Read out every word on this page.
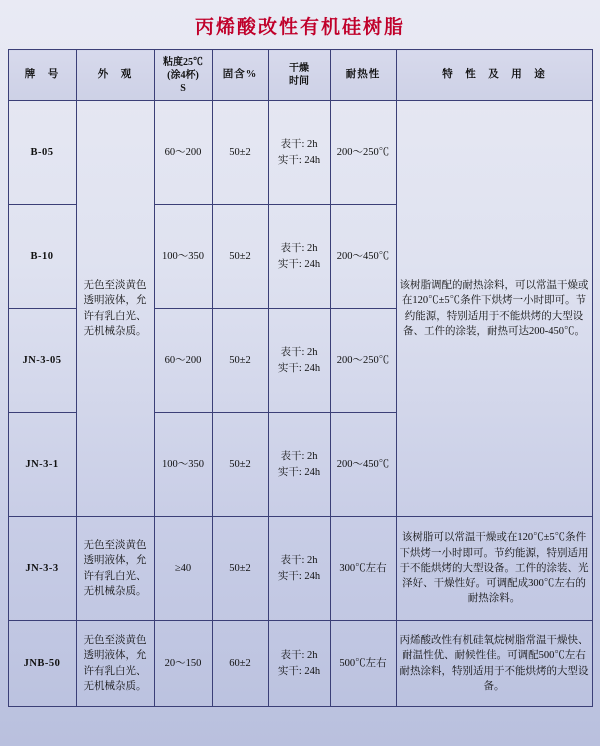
丙烯酸改性有机硅树脂
牌　号	外　观	粘度25℃
(涂4杯)
S	固含%	干燥
时间	耐热性	特　性　及　用　途
B-05	无色至淡黄色透明液体，允许有乳白光、无机械杂质。	60～200	50±2	表干: 2h
实干: 24h	200～250℃	该树脂调配的耐热涂料，可以常温干燥或在120℃±5℃条件下烘烤一小时即可。节约能源，特别适用于不能烘烤的大型设备、工件的涂装，耐热可达200-450℃。
B-10		100～350	50±2	表干: 2h
实干: 24h	200～450℃	
JN-3-05		60～200	50±2	表干: 2h
实干: 24h	200～250℃	
JN-3-1		100～350	50±2	表干: 2h
实干: 24h	200～450℃	
JN-3-3	无色至淡黄色透明液体，允许有乳白光、无机械杂质。	≥40	50±2	表干: 2h
实干: 24h	300℃左右	该树脂可以常温干燥或在120℃±5℃条件下烘烤一小时即可。节约能源，特别适用于不能烘烤的大型设备。工件的涂装、光泽好、干燥性好。可调配成300℃左右的耐热涂料。
JNB-50	无色至淡黄色透明液体，允许有乳白光、无机械杂质。	20～150	60±2	表干: 2h
实干: 24h	500℃左右	丙烯酸改性有机硅氧烷树脂常温干燥快、耐温性优、耐候性佳。可调配500℃左右耐热涂料，特别适用于不能烘烤的大型设备。
